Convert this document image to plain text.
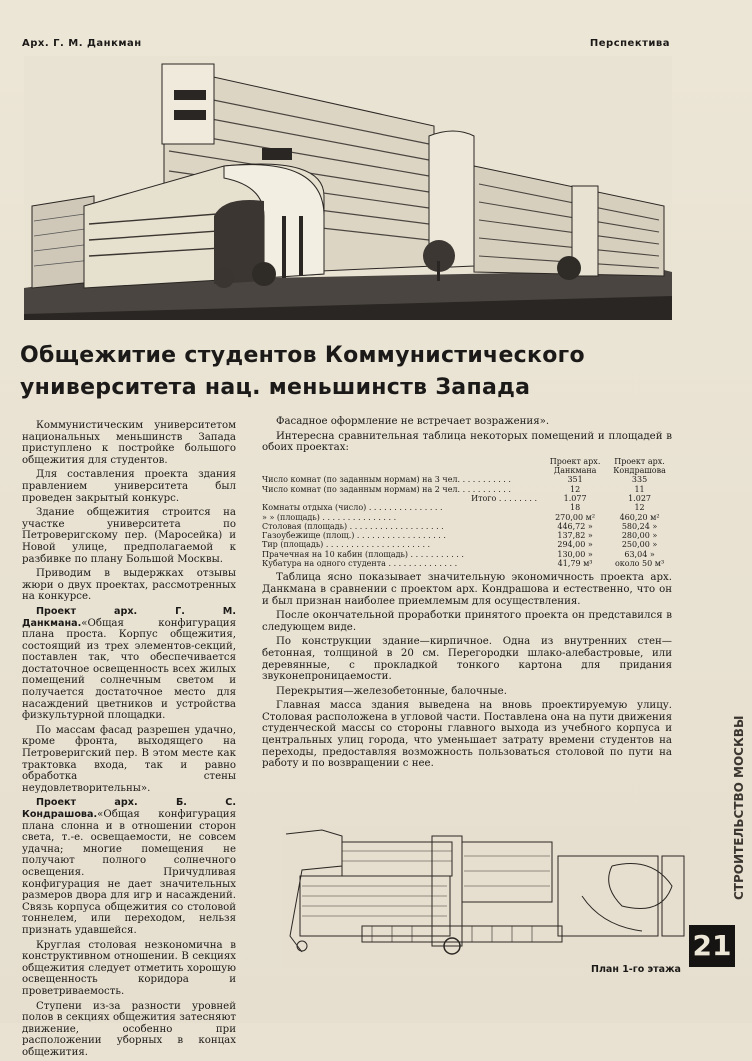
Арх. Г. М. Данкман	Перспектива
Общежитие студентов Коммунистического
университета нац. меньшинств Запада

Коммунистическим университетом национальных меньшинств Запада приступлено к постройке большого общежития для студентов.

Для составления проекта здания правлением университета был проведен закрытый конкурс.

Здание общежития строится на участке университета по Петроверигскому пер. (Маросейка) и Новой улице, предполагаемой к разбивке по плану Большой Москвы.

Приводим в выдержках отзывы жюри о двух проектах, рассмотренных на конкурсе.

Проект арх. Г. М. Данкмана.«Общая конфигурация плана проста. Корпус общежития, состоящий из трех элементов-секций, поставлен так, что обеспечивается достаточное освещенность всех жилых помещений солнечным светом и получается достаточное место для насаждений цветников и устройства физкультурной площадки.

По массам фасад разрешен удачно, кроме фронта, выходящего на Петроверигский пер. В этом месте как трактовка входа, так и равно обработка стены неудовлетворительны».

Проект арх. Б. С. Кондрашова.«Общая конфигурация плана слонна и в отношении сторон света, т.-е. освещаемости, не совсем удачна; многие помещения не получают полного солнечного освещения. Причудливая конфигурация не дает значительных размеров двора для игр и насаждений. Связь корпуса общежития со столовой тоннелем, или переходом, нельзя признать удавшейся.

Круглая столовая незкономична в конструктивном отношении. В секциях общежития следует отметить хорошую освещенность коридора и проветриваемость.

Ступени из-за разности уровней полов в секциях общежития затесняют движение, особенно при расположении уборных в концах общежития.

Фасадное оформление не встречает возражения».

Интересна сравнительная таблица некоторых помещений и площадей в обоих проектах:

	Проект арх. Данкмана	Проект арх. Кондрашова
Число комнат (по заданным нормам) на 3 чел. . . . . . . . . . .	351	335
Число комнат (по заданным нормам) на 2 чел. . . . . . . . . . .	12	11
Итого . . . . . . . .	1.077	1.027
Комнаты отдыха (число) . . . . . . . . . . . . . . .	18	12
» » (площадь) . . . . . . . . . . . . . . .	270,00 м²	460,20 м²
Столовая (площадь) . . . . . . . . . . . . . . . . . . .	446,72 »	580,24 »
Газоубежище (площ.) . . . . . . . . . . . . . . . . . .	137,82 »	280,00 »
Тир (площадь) . . . . . . . . . . . . . . . . . . . . .	294,00 »	250,00 »
Прачечная на 10 кабин (площадь) . . . . . . . . . . .	130,00 »	63,04 »
Кубатура на одного студента . . . . . . . . . . . . . .	41,79 м³	около 50 м³

Таблица ясно показывает значительную экономичность проекта арх. Данкмана в сравнении с проектом арх. Кондрашова и естественно, что он и был признан наиболее приемлемым для осуществления.

После окончательной проработки принятого проекта он представился в следующем виде.

По конструкции здание—кирпичное. Одна из внутренних стен—бетонная, толщиной в 20 см. Перегородки шлако-алебастровые, или деревянные, с прокладкой тонкого картона для придания звуконепроницаемости.

Перекрытия—железобетонные, балочные.

Главная масса здания выведена на вновь проектируемую улицу. Столовая расположена в угловой части. Поставлена она на пути движения студенческой массы со стороны главного выхода из учебного корпуса и центральных улиц города, что уменьшает затрату времени студентов на переходы, предоставляя возможность пользоваться столовой по пути на работу и по возвращении с нее.

План 1-го этажа
21
СТРОИТЕЛЬСТВО МОСКВЫ
